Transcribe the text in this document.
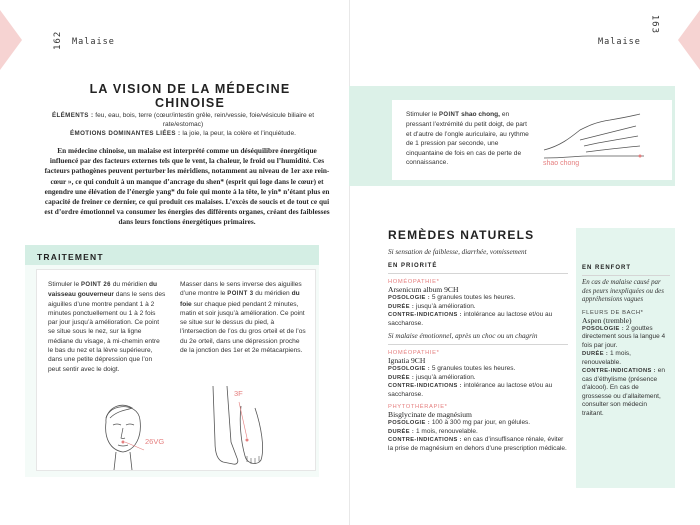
162 Malaise
LA VISION DE LA MÉDECINE CHINOISE
ÉLÉMENTS : feu, eau, bois, terre (cœur/intestin grêle, rein/vessie, foie/vésicule biliaire et rate/estomac)
ÉMOTIONS DOMINANTES LIÉES : la joie, la peur, la colère et l’inquiétude.
En médecine chinoise, un malaise est interprété comme un déséquilibre énergétique influencé par des facteurs externes tels que le vent, la chaleur, le froid ou l’humidité. Ces facteurs pathogènes peuvent perturber les méridiens, notamment au niveau de 1er axe rein-cœur », ce qui conduit à un manque d’ancrage du shen* (esprit qui loge dans le cœur) et engendre une élévation de l’énergie yang* du foie qui monte à la tête, le yin* n’étant plus en capacité de freiner ce dernier, ce qui produit ces malaises. L’excès de soucis et de tout ce qui est d’ordre émotionnel va consumer les énergies des différents organes, créant des faiblesses dans leurs fonctions énergétiques primaires.
TRAITEMENT
Stimuler le POINT 26 du méridien du vaisseau gouverneur dans le sens des aiguilles d’une montre pendant 1 à 2 minutes ponctuellement ou 1 à 2 fois par jour jusqu’à amélioration. Ce point se situe sous le nez, sur la ligne médiane du visage, à mi-chemin entre le bas du nez et la lèvre supérieure, dans une petite dépression que l’on peut sentir avec le doigt.
Masser dans le sens inverse des aiguilles d’une montre le POINT 3 du méridien du foie sur chaque pied pendant 2 minutes, matin et soir jusqu’à amélioration. Ce point se situe sur le dessus du pied, à l’intersection de l’os du gros orteil et de l’os du 2e orteil, dans une dépression proche de la jonction des 1er et 2e métacarpiens.
26VG
3F
Malaise
163
Stimuler le POINT shao chong, en pressant l’extrémité du petit doigt, de part et d’autre de l’ongle auriculaire, au rythme de 1 pression par seconde, une cinquantaine de fois en cas de perte de connaissance.	shao chong
REMÈDES NATURELS
Si sensation de faiblesse, diarrhée, vomissement
EN PRIORITÉ
HOMÉOPATHIE*
Arsenicum album 9CH
POSOLOGIE : 5 granules toutes les heures.
DURÉE : jusqu’à amélioration.
CONTRE-INDICATIONS : intolérance au lactose et/ou au saccharose.
Si malaise émotionnel, après un choc ou un chagrin
HOMÉOPATHIE*
Ignatia 9CH
POSOLOGIE : 5 granules toutes les heures.
DURÉE : jusqu’à amélioration.
CONTRE-INDICATIONS : intolérance au lactose et/ou au saccharose.
PHYTOTHÉRAPIE*
Bisglycinate de magnésium
POSOLOGIE : 100 à 300 mg par jour, en gélules.
DURÉE : 1 mois, renouvelable.
CONTRE-INDICATIONS : en cas d’insuffisance rénale, éviter la prise de magnésium en dehors d’une prescription médicale.
EN RENFORT
En cas de malaise causé par des peurs inexpliquées ou des appréhensions vagues
FLEURS DE BACH*
Aspen (tremble)
POSOLOGIE : 2 gouttes directement sous la langue 4 fois par jour.
DURÉE : 1 mois, renouvelable.
CONTRE-INDICATIONS : en cas d’éthylisme (présence d’alcool). En cas de grossesse ou d’allaitement, consulter son médecin traitant.
